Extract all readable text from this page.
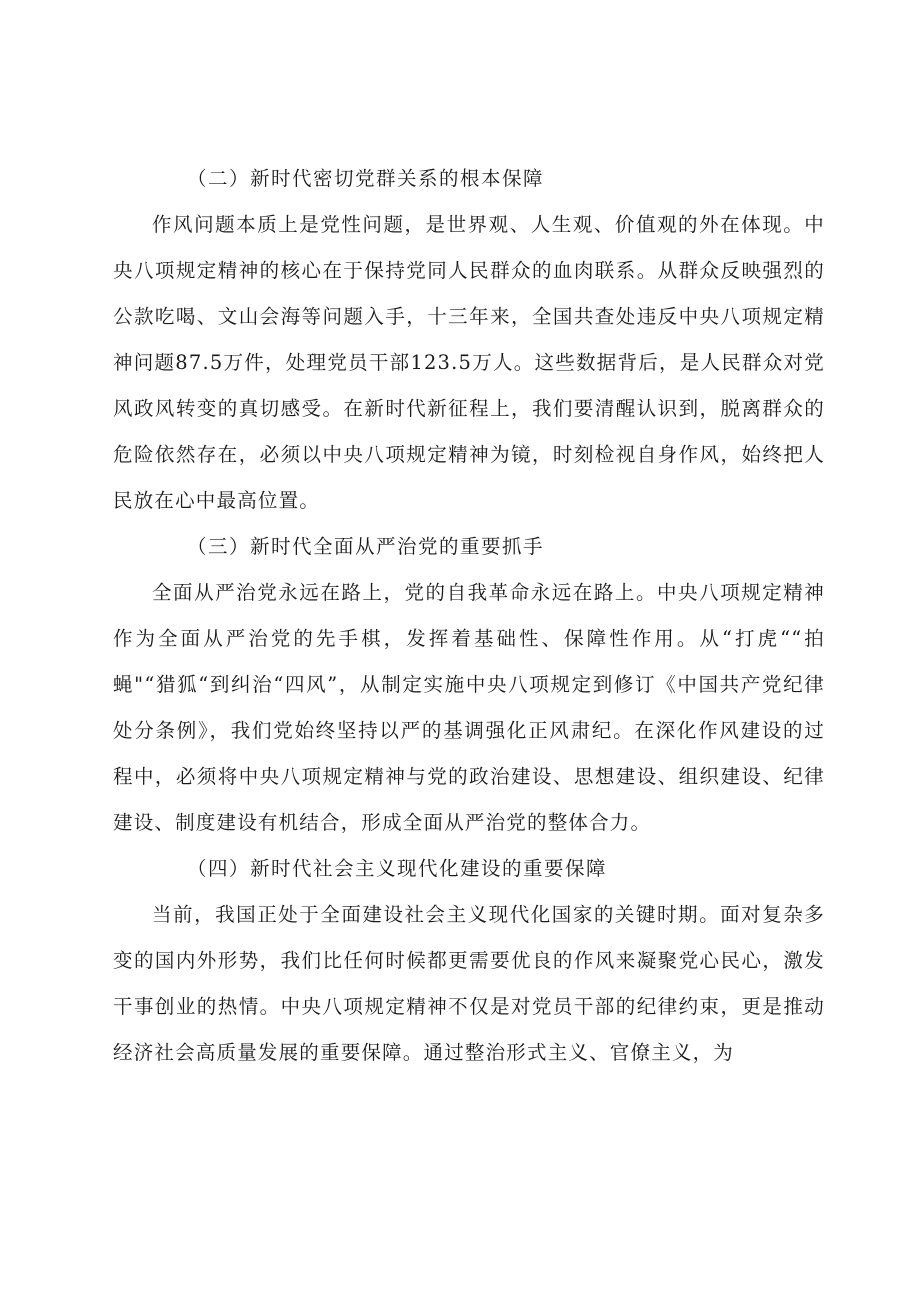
（二）新时代密切党群关系的根本保障

作风问题本质上是党性问题，是世界观、人生观、价值观的外在体现。中央八项规定精神的核心在于保持党同人民群众的血肉联系。从群众反映强烈的公款吃喝、文山会海等问题入手，十三年来，全国共查处违反中央八项规定精神问题87.5万件，处理党员干部123.5万人。这些数据背后，是人民群众对党风政风转变的真切感受。在新时代新征程上，我们要清醒认识到，脱离群众的危险依然存在，必须以中央八项规定精神为镜，时刻检视自身作风，始终把人民放在心中最高位置。

（三）新时代全面从严治党的重要抓手

全面从严治党永远在路上，党的自我革命永远在路上。中央八项规定精神作为全面从严治党的先手棋，发挥着基础性、保障性作用。从“打虎““拍蝇"“猎狐“到纠治“四风”，从制定实施中央八项规定到修订《中国共产党纪律处分条例》，我们党始终坚持以严的基调强化正风肃纪。在深化作风建设的过程中，必须将中央八项规定精神与党的政治建设、思想建设、组织建设、纪律建设、制度建设有机结合，形成全面从严治党的整体合力。

（四）新时代社会主义现代化建设的重要保障

当前，我国正处于全面建设社会主义现代化国家的关键时期。面对复杂多变的国内外形势，我们比任何时候都更需要优良的作风来凝聚党心民心，激发干事创业的热情。中央八项规定精神不仅是对党员干部的纪律约束，更是推动经济社会高质量发展的重要保障。通过整治形式主义、官僚主义，为
